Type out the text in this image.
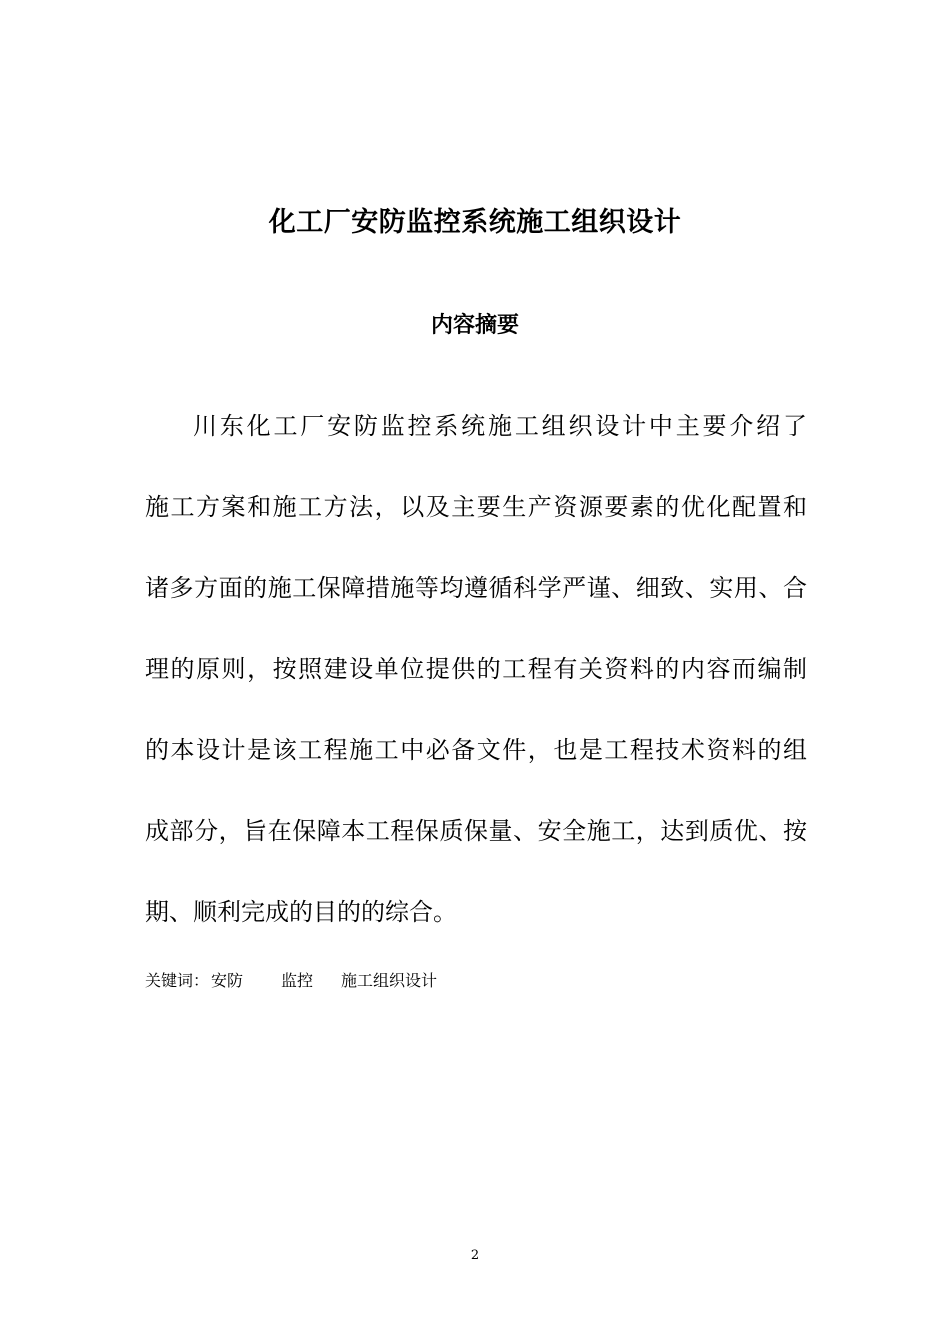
化工厂安防监控系统施工组织设计
内容摘要
川东化工厂安防监控系统施工组织设计中主要介绍了
施工方案和施工方法，以及主要生产资源要素的优化配置和
诸多方面的施工保障措施等均遵循科学严谨、细致、实用、合
理的原则，按照建设单位提供的工程有关资料的内容而编制
的本设计是该工程施工中必备文件，也是工程技术资料的组
成部分，旨在保障本工程保质保量、安全施工，达到质优、按
期、顺利完成的目的的综合。
关键词： 安防 监控 施工组织设计
2
